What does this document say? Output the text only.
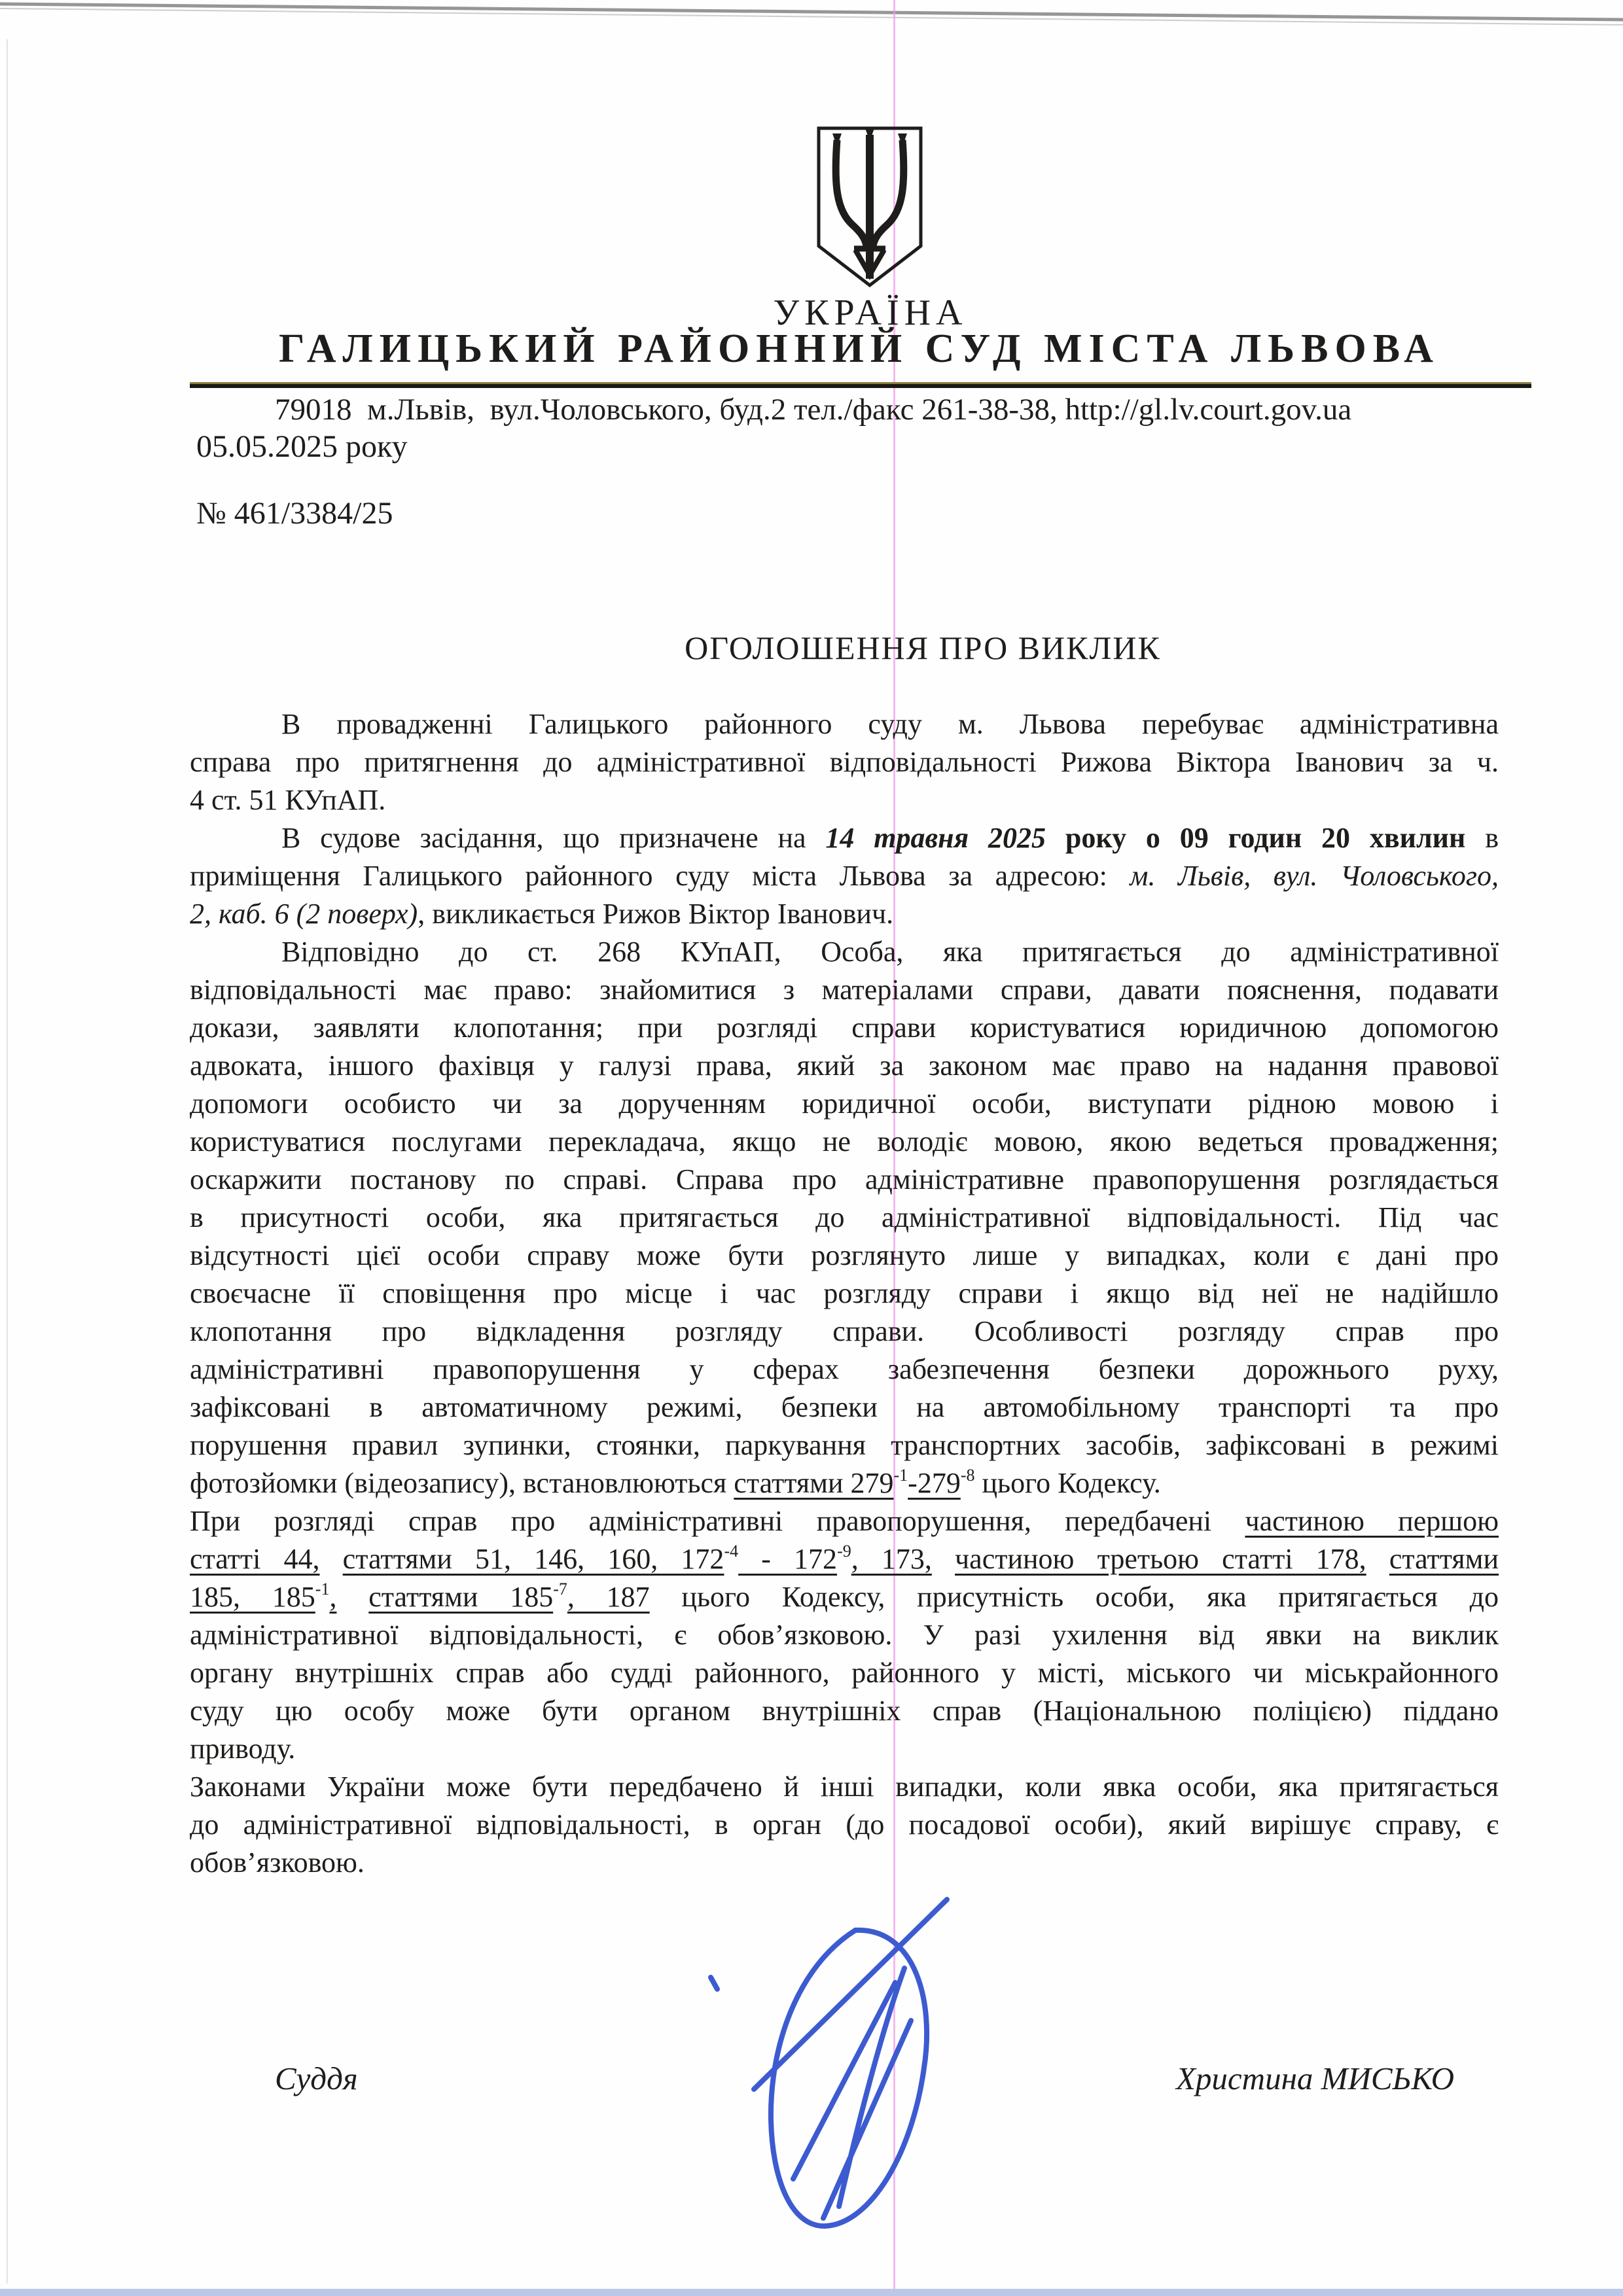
УКРАЇНА
ГАЛИЦЬКИЙ РАЙОННИЙ СУД МІСТА ЛЬВОВА
79018  м.Львів,  вул.Чоловського, буд.2 тел./факс 261-38-38, http://gl.lv.court.gov.ua
05.05.2025 року
№ 461/3384/25
ОГОЛОШЕННЯ ПРО ВИКЛИК
В провадженні Галицького районного суду м. Львова перебуває адміністративна
справа про притягнення до адміністративної відповідальності Рижова Віктора Іванович за ч.
4 ст. 51 КУпАП.
В судове засідання, що призначене на 14 травня 2025 року о 09 годин 20 хвилин в
приміщення Галицького районного суду міста Львова за адресою: м. Львів, вул. Чоловського,
2, каб. 6 (2 поверх), викликається Рижов Віктор Іванович.
Відповідно до ст. 268 КУпАП, Особа, яка притягається до адміністративної
відповідальності має право: знайомитися з матеріалами справи, давати пояснення, подавати
докази, заявляти клопотання; при розгляді справи користуватися юридичною допомогою
адвоката, іншого фахівця у галузі права, який за законом має право на надання правової
допомоги особисто чи за дорученням юридичної особи, виступати рідною мовою і
користуватися послугами перекладача, якщо не володіє мовою, якою ведеться провадження;
оскаржити постанову по справі. Справа про адміністративне правопорушення розглядається
в присутності особи, яка притягається до адміністративної відповідальності. Під час
відсутності цієї особи справу може бути розглянуто лише у випадках, коли є дані про
своєчасне її сповіщення про місце і час розгляду справи і якщо від неї не надійшло
клопотання про відкладення розгляду справи. Особливості розгляду справ про
адміністративні правопорушення у сферах забезпечення безпеки дорожнього руху,
зафіксовані в автоматичному режимі, безпеки на автомобільному транспорті та про
порушення правил зупинки, стоянки, паркування транспортних засобів, зафіксовані в режимі
фотозйомки (відеозапису), встановлюються статтями 279-1-279-8 цього Кодексу.
При розгляді справ про адміністративні правопорушення, передбачені частиною першою
статті 44, статтями 51, 146, 160, 172-4 - 172-9, 173, частиною третьою статті 178, статтями
185, 185-1, статтями 185-7, 187 цього Кодексу, присутність особи, яка притягається до
адміністративної відповідальності, є обов’язковою. У разі ухилення від явки на виклик
органу внутрішніх справ або судді районного, районного у місті, міського чи міськрайонного
суду цю особу може бути органом внутрішніх справ (Національною поліцією) піддано
приводу.
Законами України може бути передбачено й інші випадки, коли явка особи, яка притягається
до адміністративної відповідальності, в орган (до посадової особи), який вирішує справу, є
обов’язковою.
Суддя	Христина МИСЬКО
